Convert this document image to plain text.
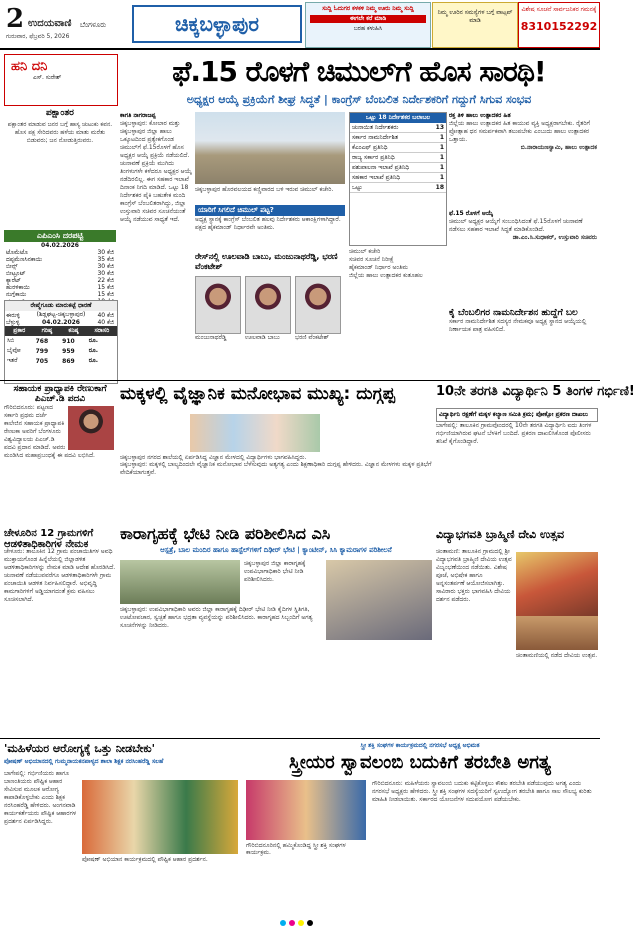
2 ಉದಯವಾಣಿ ಬೆಂಗಳೂರು
ಗುರುವಾರ, ಫೆಬ್ರವರಿ 5, 2026
ಚಿಕ್ಕಬಳ್ಳಾಪುರ
ಸುದ್ದಿ ಓದುಗರ ಕಳಕಳಿ ನಿಮ್ಮ ಊರು ನಿಮ್ಮ ಸುದ್ದಿ
ಈಗಲೇ ಕರೆ ಮಾಡಿ
ಬರಹ ಕಳುಹಿಸಿ
ನಿಮ್ಮ ಊರಿನ ಸಮಸ್ಯೆಗಳ ಬಗ್ಗೆ ವಾಟ್ಸಪ್ ಮಾಡಿ
ವಿಶೇಷ ಸೂಚನೆ ಸಾರ್ವಜನಿಕರ ಗಮನಕ್ಕೆ
8310152292
ಹನಿ ದನಿ
ಎಸ್. ಸುರೇಶ್
ಪಕ್ಷಾಂತರ
ಪಕ್ಷಾಂತರ ಮಾಡುವ ಜನರ ಬಗ್ಗೆ ಹಾಸ್ಯ ಚುಟುಕು ಕವನ. ಹೊಸ ಪಕ್ಷ ಸೇರಿದವರು ಹಳೆಯ ಮಾತು ಮರೆತು ಬಿಡುವರು; ಜನ ನೋಡುತ್ತಿರುವರು.
ಎಪಿಎಂಸಿ ದರಪಟ್ಟಿ
04.02.2026
ಟೊಮೆಟೊ	30 ಕೆಜಿ
ದಪ್ಪಮೆಣಸಿನಕಾಯಿ	35 ಕೆಜಿ
ಬೀನ್ಸ್	30 ಕೆಜಿ
ಬೀಟ್ರೂಟ್	30 ಕೆಜಿ
ಕ್ಯಾರೆಟ್	22 ಕೆಜಿ
ಹುರಳಿಕಾಯಿ	15 ಕೆಜಿ
ನುಗ್ಗೆಕಾಯಿ	15 ಕೆಜಿ

ಈರುಳ್ಳಿ	40 ಕೆಜಿ
ಬೆಳ್ಳುಳ್ಳಿ	40 ಕೆಜಿ
ರೇಷ್ಮೆಗೂಡು ಮಾರುಕಟ್ಟೆ ಧಾರಣೆ
(ಶಿಡ್ಲಘಟ್ಟ-ಚಿಕ್ಕಬಳ್ಳಾಪುರ)
04.02.2026
ಪ್ರಕಾರ	ಗರಿಷ್ಠ	ಕನಿಷ್ಠ	ಸರಾಸರಿ
ಸಿಬಿ	768	910	ರೂ.
ಬೈವೋ	799	959	ರೂ.
ಇತರೆ	705	869	ರೂ.
ಫೆ.15 ರೊಳಗೆ ಚಿಮುಲ್‌ಗೆ ಹೊಸ ಸಾರಥಿ!
ಅಧ್ಯಕ್ಷರ ಆಯ್ಕೆ ಪ್ರಕ್ರಿಯೆಗೆ ಶೀಘ್ರ ಸಿದ್ಧತೆ | ಕಾಂಗ್ರೆಸ್ ಬೆಂಬಲಿತ ನಿರ್ದೇಶಕರಿಗೆ ಗದ್ದುಗೆ ಸಿಗುವ ಸಂಭವ
ಕಾಗತಿ ನಾಗರಾಜಪ್ಪ
ಚಿಕ್ಕಬಳ್ಳಾಪುರ: ಕೋಲಾರ ಮತ್ತು ಚಿಕ್ಕಬಳ್ಳಾಪುರ ಜಿಲ್ಲಾ ಹಾಲು ಒಕ್ಕೂಟದಿಂದ ಪ್ರತ್ಯೇಕಗೊಂಡ ಚಿಮುಲ್‌ಗೆ ಫೆ.15ರೊಳಗೆ ಹೊಸ ಅಧ್ಯಕ್ಷರ ಆಯ್ಕೆ ಪ್ರಕ್ರಿಯೆ ನಡೆಯಲಿದೆ. ಚುನಾವಣೆ ಪ್ರಕ್ರಿಯೆ ಮುಗಿದು ತಿಂಗಳುಗಳೇ ಕಳೆದರೂ ಅಧ್ಯಕ್ಷರ ಆಯ್ಕೆ ನಡೆದಿರಲಿಲ್ಲ. ಈಗ ಸಹಕಾರ ಇಲಾಖೆ ದಿನಾಂಕ ನಿಗದಿ ಮಾಡಿದೆ. ಒಟ್ಟು 18 ನಿರ್ದೇಶಕರ ಪೈಕಿ ಬಹುತೇಕ ಮಂದಿ ಕಾಂಗ್ರೆಸ್ ಬೆಂಬಲಿತರಾಗಿದ್ದು, ಜಿಲ್ಲಾ ಉಸ್ತುವಾರಿ ಸಚಿವರ ಸೂಚನೆಯಂತೆ ಆಯ್ಕೆ ನಡೆಯುವ ಸಾಧ್ಯತೆ ಇದೆ.
ಚಿಕ್ಕಬಳ್ಳಾಪುರ ಹೊರವಲಯದ ಕಣ್ಣಿವಾರದ ಬಳಿ ಇರುವ ಚಿಮುಲ್ ಕಚೇರಿ.
ಒಟ್ಟು 18 ನಿರ್ದೇಶಕರ ಬಲಾಬಲ
ಚುನಾಯಿತ ನಿರ್ದೇಶಕರು	13
ಸರ್ಕಾರ ನಾಮನಿರ್ದೇಶಿತ	1
ಕೆಎಂಎಫ್ ಪ್ರತಿನಿಧಿ	1
ರಾಜ್ಯ ಸರ್ಕಾರ ಪ್ರತಿನಿಧಿ	1
ಪಶುಪಾಲನಾ ಇಲಾಖೆ ಪ್ರತಿನಿಧಿ	1
ಸಹಕಾರ ಇಲಾಖೆ ಪ್ರತಿನಿಧಿ	1
ಒಟ್ಟು	18
ಯಾರಿಗೆ ಸಿಗಲಿದೆ ಚಿಮುಲ್ ಪಟ್ಟ?
ಅಧ್ಯಕ್ಷ ಸ್ಥಾನಕ್ಕೆ ಕಾಂಗ್ರೆಸ್ ಬೆಂಬಲಿತ ಹಲವು ನಿರ್ದೇಶಕರು ಆಕಾಂಕ್ಷಿಗಳಾಗಿದ್ದಾರೆ. ಪಕ್ಷದ ಹೈಕಮಾಂಡ್ ನಿರ್ಧಾರವೇ ಅಂತಿಮ.
ರೇಸ್‌ನಲ್ಲಿ ಊಲವಾಡಿ ಬಾಬು, ಮಂಜುನಾಥರೆಡ್ಡಿ, ಭರಣಿ ವೆಂಕಟೇಶ್
ಮಂಜುನಾಥರೆಡ್ಡಿ	ಊಲವಾಡಿ ಬಾಬು	ಭರಣಿ ವೆಂಕಟೇಶ್
ಚಿಮುಲ್ ಕಚೇರಿ
ಸಚಿವರ ಸೂಚನೆ ನಿರೀಕ್ಷೆ
ಹೈಕಮಾಂಡ್ ನಿರ್ಧಾರ ಅಂತಿಮ
ಜಿಲ್ಲೆಯ ಹಾಲು ಉತ್ಪಾದಕರ ಕುತೂಹಲ
ರಕ್ತ ತಿಳಿ ಹಾಲು ಉತ್ಪಾದಕರ ಹಿತ
ಜಿಲ್ಲೆಯ ಹಾಲು ಉತ್ಪಾದಕರ ಹಿತ ಕಾಯುವ ವ್ಯಕ್ತಿ ಅಧ್ಯಕ್ಷರಾಗಬೇಕು. ರೈತರಿಗೆ ಪ್ರೋತ್ಸಾಹ ಧನ ಸಮರ್ಪಕವಾಗಿ ತಲುಪಬೇಕು ಎಂಬುದು ಹಾಲು ಉತ್ಪಾದಕರ ಒತ್ತಾಯ.
ಬಿ.ನಾರಾಯಣಸ್ವಾಮಿ, ಹಾಲು ಉತ್ಪಾದಕ
ಫೆ.15 ರೊಳಗೆ ಆಯ್ಕೆ
ಚಿಮುಲ್ ಅಧ್ಯಕ್ಷರ ಆಯ್ಕೆಗೆ ಸಂಬಂಧಿಸಿದಂತೆ ಫೆ.15ರೊಳಗೆ ಚುನಾವಣೆ ನಡೆಸಲು ಸಹಕಾರ ಇಲಾಖೆ ಸಿದ್ಧತೆ ಮಾಡಿಕೊಂಡಿದೆ.
ಡಾ.ಎಂ.ಸಿ.ಸುಧಾಕರ್, ಉಸ್ತುವಾರಿ ಸಚಿವರು
ಕೈ ಬೆಂಬಲಿಗರ ನಾಮನಿರ್ದೇಶನ ಹುದ್ದೆಗೆ ಬಲ
ಸರ್ಕಾರ ನಾಮನಿರ್ದೇಶಿತ ಸದಸ್ಯರ ನೇಮಕವೂ ಅಧ್ಯಕ್ಷ ಸ್ಥಾನದ ಆಯ್ಕೆಯಲ್ಲಿ ನಿರ್ಣಾಯಕ ಪಾತ್ರ ವಹಿಸಲಿದೆ.
ಸಹಾಯಕ ಪ್ರಾಧ್ಯಾಪಕಿ ರೇಣುಕಾಗೆ ಪಿಎಚ್.ಡಿ ಪದವಿ
ಗೌರಿಬಿದನೂರು: ಪಟ್ಟಣದ ಸರ್ಕಾರಿ ಪ್ರಥಮ ದರ್ಜೆ ಕಾಲೇಜಿನ ಸಹಾಯಕ ಪ್ರಾಧ್ಯಾಪಕಿ ರೇಣುಕಾ ಅವರಿಗೆ ಬೆಂಗಳೂರು ವಿಶ್ವವಿದ್ಯಾಲಯ ಪಿಎಚ್.ಡಿ ಪದವಿ ಪ್ರದಾನ ಮಾಡಿದೆ. ಅವರು ಮಂಡಿಸಿದ ಮಹಾಪ್ರಬಂಧಕ್ಕೆ ಈ ಪದವಿ ಲಭಿಸಿದೆ.
ಮಕ್ಕಳಲ್ಲಿ ವೈಜ್ಞಾನಿಕ ಮನೋಭಾವ ಮುಖ್ಯ: ದುಗ್ಗಪ್ಪ
ಚಿಕ್ಕಬಳ್ಳಾಪುರ ನಗರದ ಶಾಲೆಯಲ್ಲಿ ಏರ್ಪಡಿಸಿದ್ದ ವಿಜ್ಞಾನ ಮೇಳದಲ್ಲಿ ವಿದ್ಯಾರ್ಥಿಗಳು ಭಾಗವಹಿಸಿದ್ದರು.
ಚಿಕ್ಕಬಳ್ಳಾಪುರ: ಮಕ್ಕಳಲ್ಲಿ ಬಾಲ್ಯದಿಂದಲೇ ವೈಜ್ಞಾನಿಕ ಮನೋಭಾವ ಬೆಳೆಸುವುದು ಅತ್ಯಗತ್ಯ ಎಂದು ಶಿಕ್ಷಣಾಧಿಕಾರಿ ದುಗ್ಗಪ್ಪ ಹೇಳಿದರು. ವಿಜ್ಞಾನ ಮೇಳಗಳು ಮಕ್ಕಳ ಪ್ರತಿಭೆಗೆ ವೇದಿಕೆಯಾಗುತ್ತವೆ.
10ನೇ ತರಗತಿ ವಿದ್ಯಾರ್ಥಿನಿ 5 ತಿಂಗಳ ಗರ್ಭಿಣಿ!
ವಿದ್ಯಾರ್ಥಿನಿ ರಕ್ಷಣೆಗೆ ಮಕ್ಕಳ ಕಲ್ಯಾಣ ಸಮಿತಿ ಕ್ರಮ; ಪೋಕ್ಸೋ ಪ್ರಕರಣ ದಾಖಲು
ಬಾಗೇಪಲ್ಲಿ: ತಾಲೂಕಿನ ಗ್ರಾಮವೊಂದರಲ್ಲಿ 10ನೇ ತರಗತಿ ವಿದ್ಯಾರ್ಥಿನಿ ಐದು ತಿಂಗಳ ಗರ್ಭಿಣಿಯಾಗಿರುವ ಘಟನೆ ಬೆಳಕಿಗೆ ಬಂದಿದೆ. ಪ್ರಕರಣ ದಾಖಲಿಸಿಕೊಂಡ ಪೊಲೀಸರು ತನಿಖೆ ಕೈಗೊಂಡಿದ್ದಾರೆ.
ಚೇಳೂರಿನ 12 ಗ್ರಾಮಗಳಿಗೆ ಆಡಳಿತಾಧಿಕಾರಿಗಳ ನೇಮಕ
ಚೇಳೂರು: ತಾಲೂಕಿನ 12 ಗ್ರಾಮ ಪಂಚಾಯಿತಿಗಳ ಅವಧಿ ಮುಕ್ತಾಯಗೊಂಡ ಹಿನ್ನೆಲೆಯಲ್ಲಿ ಜಿಲ್ಲಾಡಳಿತ ಆಡಳಿತಾಧಿಕಾರಿಗಳನ್ನು ನೇಮಕ ಮಾಡಿ ಆದೇಶ ಹೊರಡಿಸಿದೆ. ಚುನಾವಣೆ ನಡೆಯುವವರೆಗೂ ಆಡಳಿತಾಧಿಕಾರಿಗಳೇ ಗ್ರಾಮ ಪಂಚಾಯಿತಿ ಆಡಳಿತ ನಿರ್ವಹಿಸಲಿದ್ದಾರೆ. ಅಭಿವೃದ್ಧಿ ಕಾಮಗಾರಿಗಳಿಗೆ ಅಡ್ಡಿಯಾಗದಂತೆ ಕ್ರಮ ವಹಿಸಲು ಸೂಚಿಸಲಾಗಿದೆ.
ಕಾರಾಗೃಹಕ್ಕೆ ಭೇಟಿ ನೀಡಿ ಪರಿಶೀಲಿಸಿದ ಎಸಿ
ಆಸ್ಪತ್ರೆ, ಬಾಲ ಮಂದಿರ ಹಾಗೂ ಹಾಸ್ಟೆಲ್‌ಗಳಿಗೆ ದಿಢೀರ್ ಭೇಟಿ | ಕ್ಯಾಂಟೀನ್, ಸಿಸಿ ಕ್ಯಾಮರಾಗಳ ಪರಿಶೀಲನೆ
ಚಿಕ್ಕಬಳ್ಳಾಪುರ ಜಿಲ್ಲಾ ಕಾರಾಗೃಹಕ್ಕೆ ಉಪವಿಭಾಗಾಧಿಕಾರಿ ಭೇಟಿ ನೀಡಿ ಪರಿಶೀಲಿಸಿದರು.
ಚಿಕ್ಕಬಳ್ಳಾಪುರ: ಉಪವಿಭಾಗಾಧಿಕಾರಿ ಅವರು ಜಿಲ್ಲಾ ಕಾರಾಗೃಹಕ್ಕೆ ದಿಢೀರ್ ಭೇಟಿ ನೀಡಿ ಕೈದಿಗಳ ಸ್ಥಿತಿಗತಿ, ಊಟೋಪಚಾರ, ಸ್ವಚ್ಛತೆ ಹಾಗೂ ಭದ್ರತಾ ವ್ಯವಸ್ಥೆಯನ್ನು ಪರಿಶೀಲಿಸಿದರು. ಕಾರಾಗೃಹದ ಸಿಬ್ಬಂದಿಗೆ ಅಗತ್ಯ ಸೂಚನೆಗಳನ್ನು ನೀಡಿದರು.
ವಿದ್ಯಾಭಗವತಿ ಬ್ರಾಹ್ಮಿಣಿ ದೇವಿ ಉತ್ಸವ
ಚಿಂತಾಮಣಿಯಲ್ಲಿ ನಡೆದ ದೇವಿಯ ಉತ್ಸವ.
ಚಿಂತಾಮಣಿ: ತಾಲೂಕಿನ ಗ್ರಾಮದಲ್ಲಿ ಶ್ರೀ ವಿದ್ಯಾಭಗವತಿ ಬ್ರಾಹ್ಮಿಣಿ ದೇವಿಯ ಉತ್ಸವ ವಿಜೃಂಭಣೆಯಿಂದ ನಡೆಯಿತು. ವಿಶೇಷ ಪೂಜೆ, ಅಭಿಷೇಕ ಹಾಗೂ ಅನ್ನಸಂತರ್ಪಣೆ ಆಯೋಜಿಸಲಾಗಿತ್ತು. ಸಾವಿರಾರು ಭಕ್ತರು ಭಾಗವಹಿಸಿ ದೇವಿಯ ದರ್ಶನ ಪಡೆದರು.
'ಮಹಿಳೆಯರ ಆರೋಗ್ಯಕ್ಕೆ ಒತ್ತು ನೀಡಬೇಕು'
ಪೋಷಣ್ ಅಭಿಯಾನದಲ್ಲಿ ಗುಮ್ಮನಾಯಕನಪಾಳ್ಯದ ಶಾಲಾ ಶಿಕ್ಷಕ ನರಸಿಂಹರೆಡ್ಡಿ ಸಲಹೆ
ಬಾಗೇಪಲ್ಲಿ: ಗರ್ಭಿಣಿಯರು ಹಾಗೂ ಬಾಣಂತಿಯರು ಪೌಷ್ಟಿಕ ಆಹಾರ ಸೇವಿಸುವ ಮೂಲಕ ಆರೋಗ್ಯ ಕಾಪಾಡಿಕೊಳ್ಳಬೇಕು ಎಂದು ಶಿಕ್ಷಕ ನರಸಿಂಹರೆಡ್ಡಿ ಹೇಳಿದರು. ಅಂಗನವಾಡಿ ಕಾರ್ಯಕರ್ತೆಯರು ಪೌಷ್ಟಿಕ ಆಹಾರಗಳ ಪ್ರದರ್ಶನ ಏರ್ಪಡಿಸಿದ್ದರು.
ಪೋಷಣ್ ಅಭಿಯಾನ ಕಾರ್ಯಕ್ರಮದಲ್ಲಿ ಪೌಷ್ಟಿಕ ಆಹಾರ ಪ್ರದರ್ಶನ.
ಸ್ತ್ರೀ ಶಕ್ತಿ ಸಂಘಗಳ ಕಾರ್ಯಕ್ರಮದಲ್ಲಿ ನಗರಸಭೆ ಅಧ್ಯಕ್ಷ ಅಭಿಮತ
ಸ್ತ್ರೀಯರ ಸ್ವಾವಲಂಬಿ ಬದುಕಿಗೆ ತರಬೇತಿ ಅಗತ್ಯ
ಗೌರಿಬಿದನೂರಿನಲ್ಲಿ ಹಮ್ಮಿಕೊಂಡಿದ್ದ ಸ್ತ್ರೀ ಶಕ್ತಿ ಸಂಘಗಳ ಕಾರ್ಯಕ್ರಮ.
ಗೌರಿಬಿದನೂರು: ಮಹಿಳೆಯರು ಸ್ವಾವಲಂಬಿ ಬದುಕು ಕಟ್ಟಿಕೊಳ್ಳಲು ಕೌಶಲ ತರಬೇತಿ ಪಡೆಯುವುದು ಅಗತ್ಯ ಎಂದು ನಗರಸಭೆ ಅಧ್ಯಕ್ಷರು ಹೇಳಿದರು. ಸ್ತ್ರೀ ಶಕ್ತಿ ಸಂಘಗಳ ಸದಸ್ಯೆಯರಿಗೆ ಸ್ವಉದ್ಯೋಗ ತರಬೇತಿ ಹಾಗೂ ಸಾಲ ಸೌಲಭ್ಯ ಕುರಿತು ಮಾಹಿತಿ ನೀಡಲಾಯಿತು. ಸರ್ಕಾರದ ಯೋಜನೆಗಳ ಸದುಪಯೋಗ ಪಡೆಯಬೇಕು.
